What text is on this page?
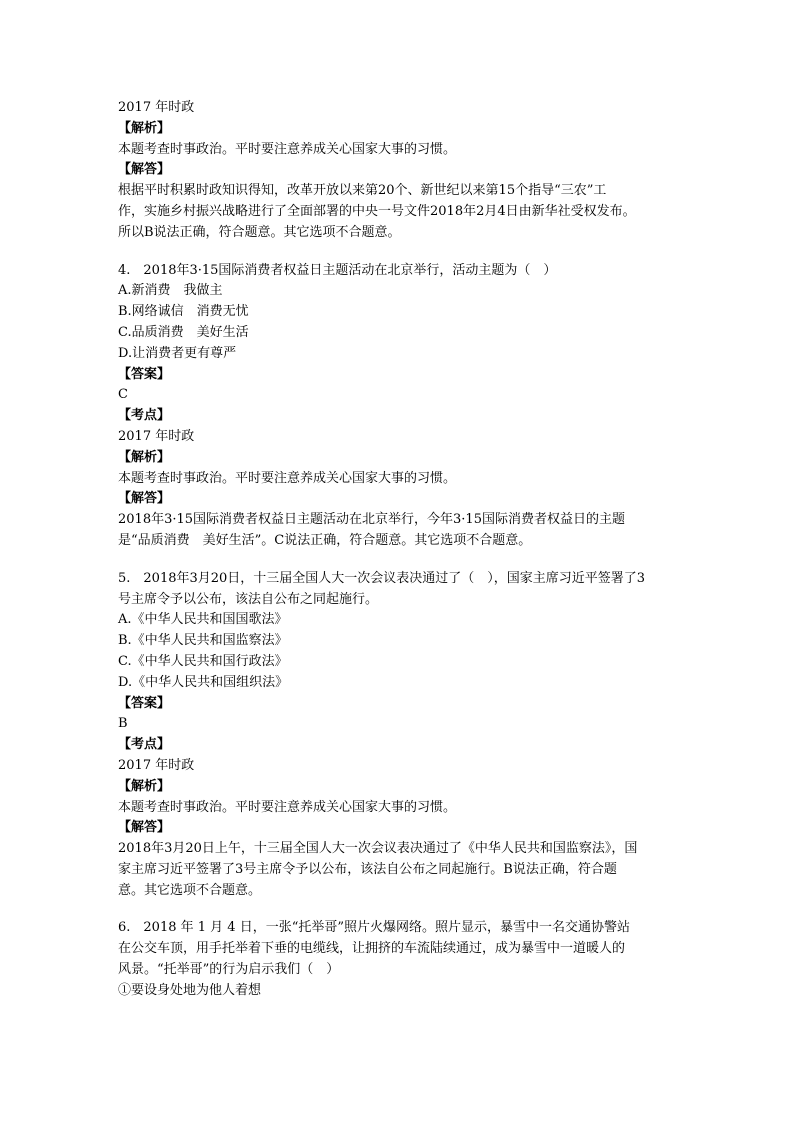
2017 年时政
【解析】
本题考查时事政治。平时要注意养成关心国家大事的习惯。
【解答】
根据平时积累时政知识得知，改革开放以来第20个、新世纪以来第15个指导“三农”工
作，实施乡村振兴战略进行了全面部署的中央一号文件2018年2月4日由新华社受权发布。
所以B说法正确，符合题意。其它选项不合题意。
4.　2018年3·15国际消费者权益日主题活动在北京举行，活动主题为（　）
A.新消费　我做主
B.网络诚信　消费无忧
C.品质消费　美好生活
D.让消费者更有尊严
【答案】
C
【考点】
2017 年时政
【解析】
本题考查时事政治。平时要注意养成关心国家大事的习惯。
【解答】
2018年3·15国际消费者权益日主题活动在北京举行，今年3·15国际消费者权益日的主题
是“品质消费　美好生活”。C说法正确，符合题意。其它选项不合题意。
5.　2018年3月20日，十三届全国人大一次会议表决通过了（　），国家主席习近平签署了3
号主席令予以公布，该法自公布之同起施行。
A.《中华人民共和国国歌法》
B.《中华人民共和国监察法》
C.《中华人民共和国行政法》
D.《中华人民共和国组织法》
【答案】
B
【考点】
2017 年时政
【解析】
本题考查时事政治。平时要注意养成关心国家大事的习惯。
【解答】
2018年3月20日上午，十三届全国人大一次会议表决通过了《中华人民共和国监察法》，国
家主席习近平签署了3号主席令予以公布，该法自公布之同起施行。B说法正确，符合题
意。其它选项不合题意。
6.　2018 年 1 月 4 日，一张“托举哥”照片火爆网络。照片显示，暴雪中一名交通协警站
在公交车顶，用手托举着下垂的电缆线，让拥挤的车流陆续通过，成为暴雪中一道暖人的
风景。“托举哥”的行为启示我们（　）
①要设身处地为他人着想
